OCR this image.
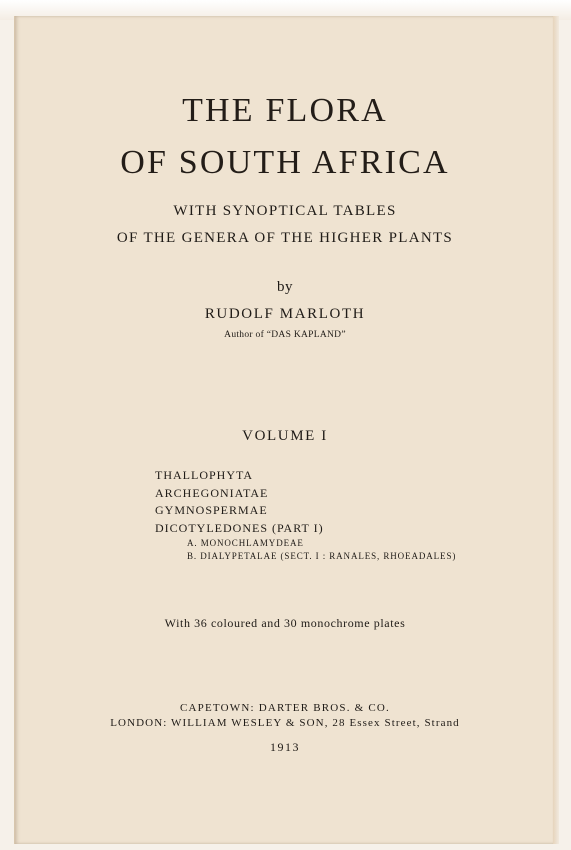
THE FLORA
OF SOUTH AFRICA
WITH SYNOPTICAL TABLES
OF THE GENERA OF THE HIGHER PLANTS
by
RUDOLF MARLOTH
Author of “DAS KAPLAND”
VOLUME I
THALLOPHYTA
ARCHEGONIATAE
GYMNOSPERMAE
DICOTYLEDONES (PART I)
A. MONOCHLAMYDEAE
B. DIALYPETALAE (SECT. I : RANALES, RHOEADALES)
With 36 coloured and 30 monochrome plates
CAPETOWN: DARTER BROS. & CO.
LONDON: WILLIAM WESLEY & SON, 28 Essex Street, Strand
1913
